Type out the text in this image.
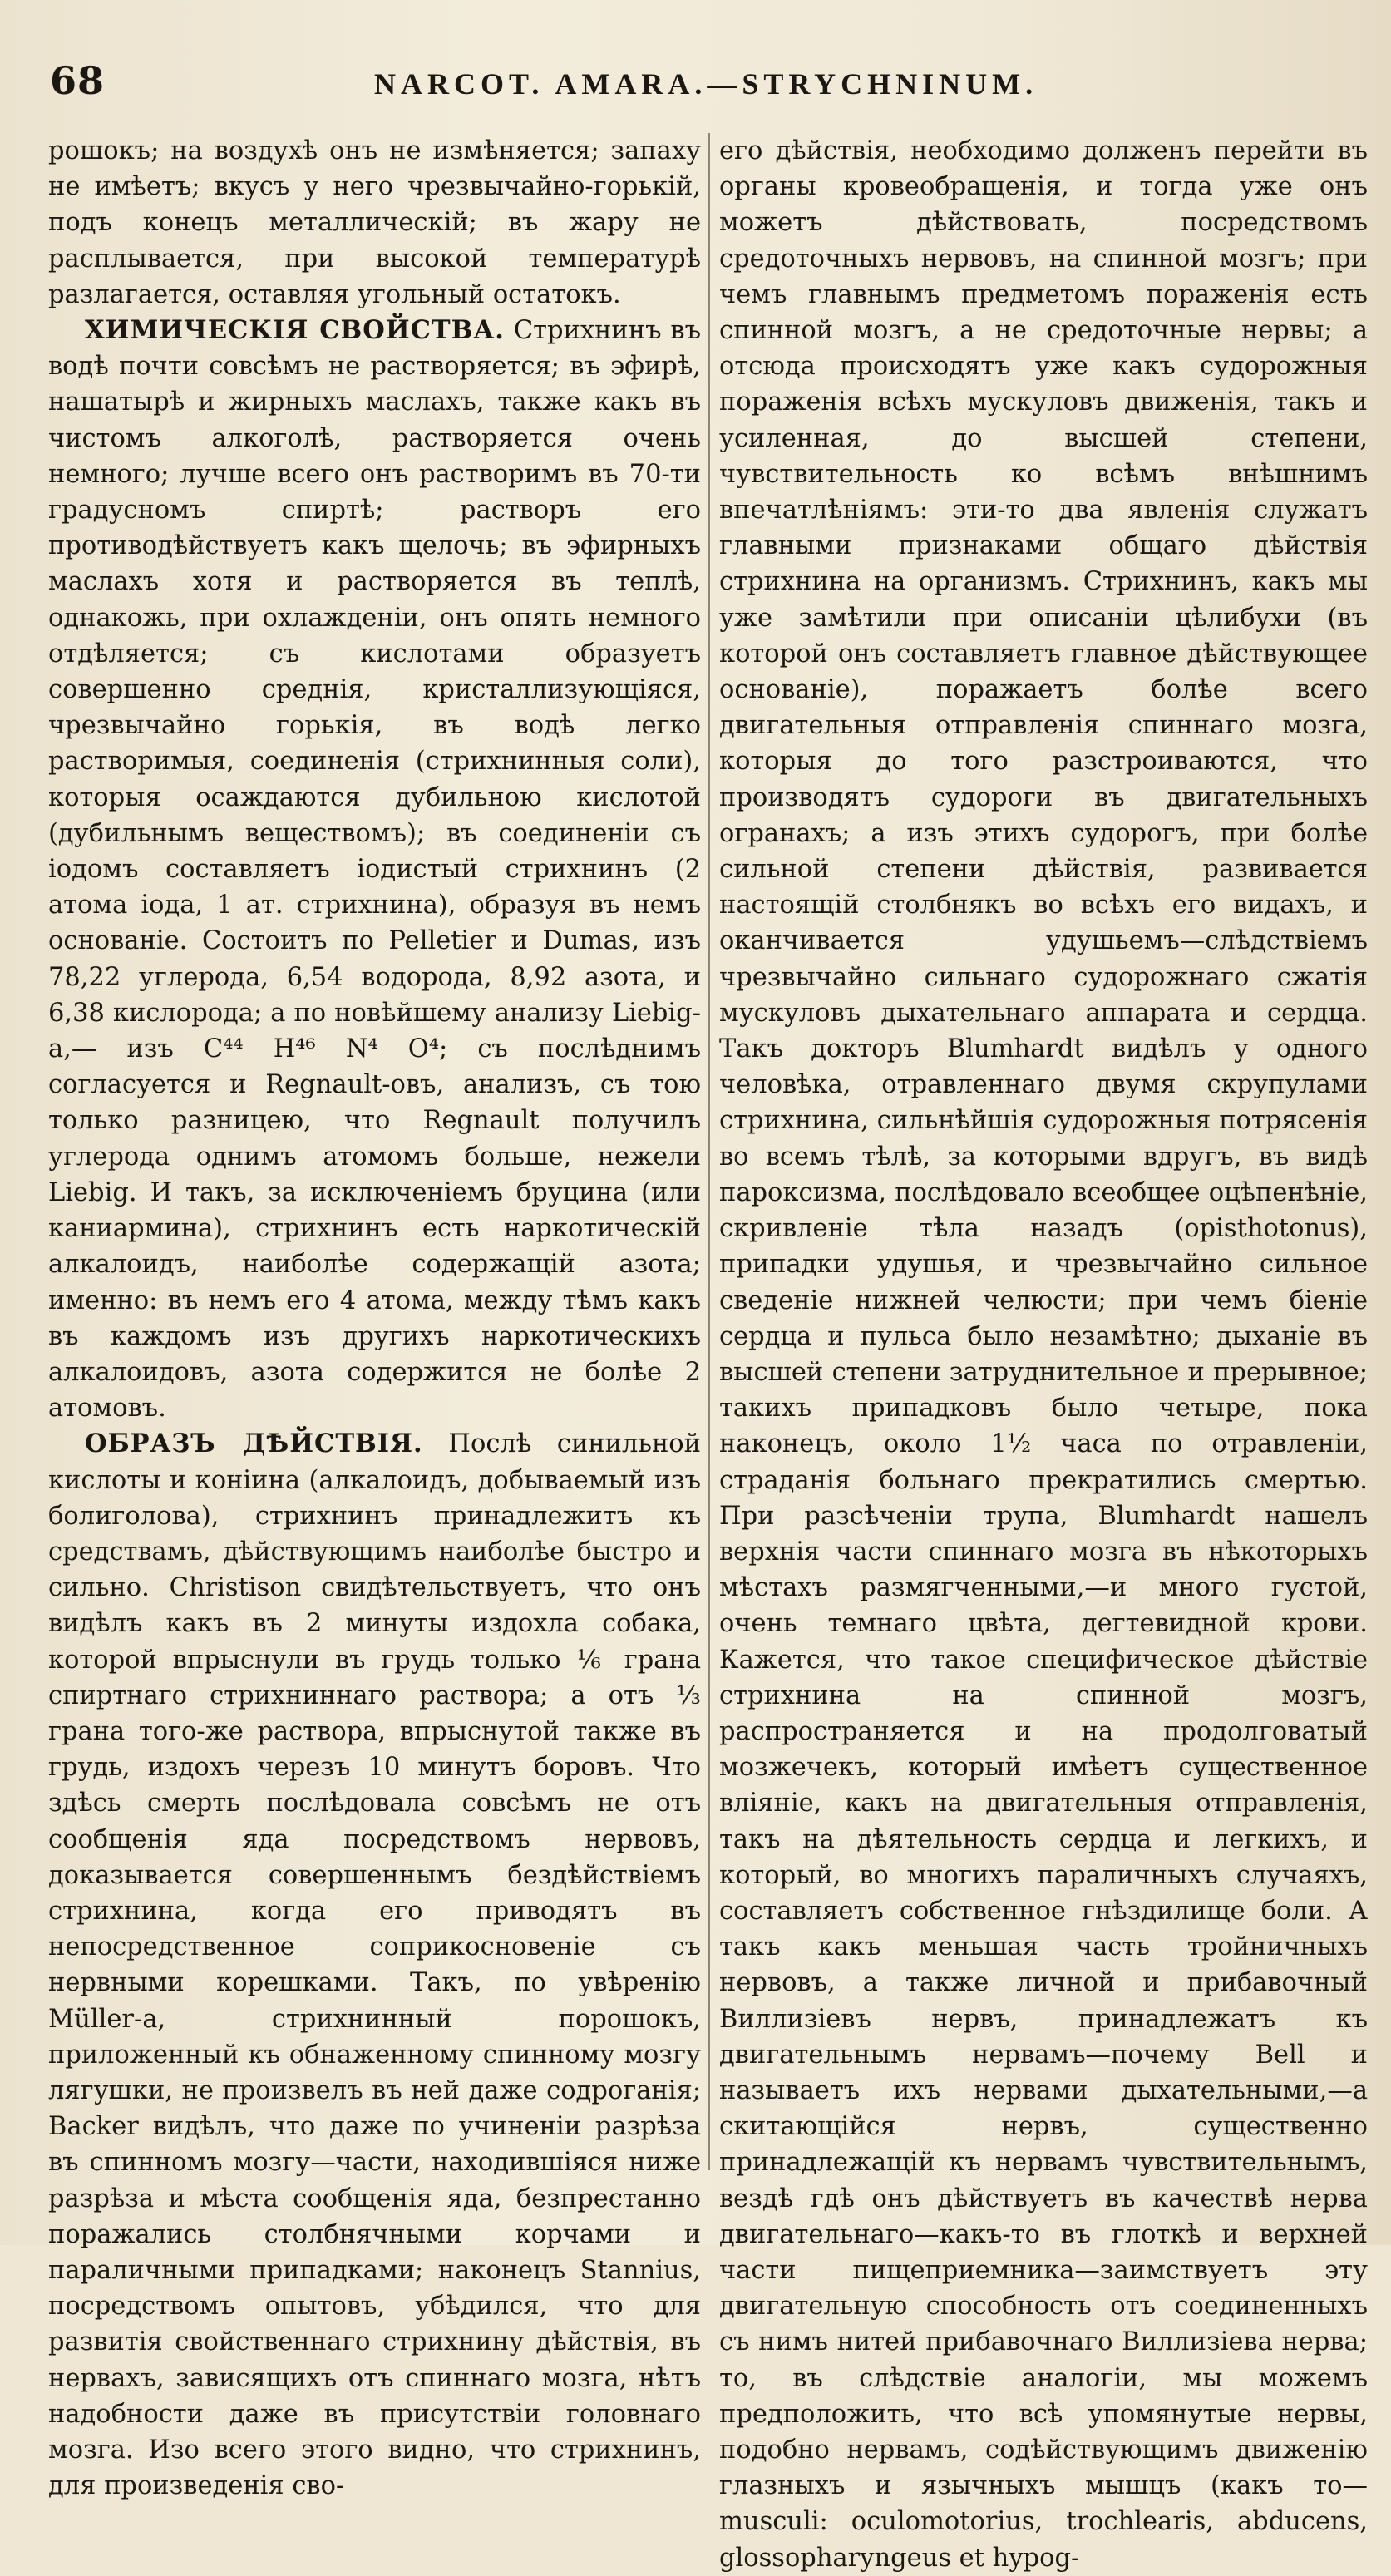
68	NARCOT. AMARA.—STRYCHNINUM.

рошокъ; на воздухѣ онъ не измѣняется; запаху не имѣетъ; вкусъ у него чрезвычайно-горькій, подъ конецъ металлическій; въ жару не расплывается, при высокой температурѣ разлагается, оставляя угольный остатокъ.

ХИМИЧЕСКІЯ СВОЙСТВА. Стрихнинъ въ водѣ почти совсѣмъ не растворяется; въ эфирѣ, нашатырѣ и жирныхъ маслахъ, также какъ въ чистомъ алкоголѣ, растворяется очень немного; лучше всего онъ растворимъ въ 70-ти градусномъ спиртѣ; растворъ его противодѣйствуетъ какъ щелочь; въ эфирныхъ маслахъ хотя и растворяется въ теплѣ, однакожь, при охлажденіи, онъ опять немного отдѣляется; съ кислотами образуетъ совершенно среднія, кристаллизующіяся, чрезвычайно горькія, въ водѣ легко растворимыя, соединенія (стрихнинныя соли), которыя осаждаются дубильною кислотой (дубильнымъ веществомъ); въ соединеніи съ іодомъ составляетъ іодистый стрихнинъ (2 атома іода, 1 ат. стрихнина), образуя въ немъ основаніе. Состоитъ по Pelletier и Dumas, изъ 78,22 углерода, 6,54 водорода, 8,92 азота, и 6,38 кислорода; а по новѣйшему анализу Liebig-а,— изъ C⁴⁴ H⁴⁶ N⁴ O⁴; съ послѣднимъ согласуется и Regnault-овъ, анализъ, съ тою только разницею, что Regnault получилъ углерода однимъ атомомъ больше, нежели Liebig. И такъ, за исключеніемъ бруцина (или каниармина), стрихнинъ есть наркотическій алкалоидъ, наиболѣе содержащій азота; именно: въ немъ его 4 атома, между тѣмъ какъ въ каждомъ изъ другихъ наркотическихъ алкалоидовъ, азота содержится не болѣе 2 атомовъ.

ОБРАЗЪ ДѢЙСТВІЯ. Послѣ синильной кислоты и коніина (алкалоидъ, добываемый изъ болиголова), стрихнинъ принадлежитъ къ средствамъ, дѣйствующимъ наиболѣе быстро и сильно. Christison свидѣтельствуетъ, что онъ видѣлъ какъ въ 2 минуты издохла собака, которой впрыснули въ грудь только ⅙ грана спиртнаго стрихниннаго раствора; а отъ ⅓ грана того-же раствора, впрыснутой также въ грудь, издохъ черезъ 10 минутъ боровъ. Что здѣсь смерть послѣдовала совсѣмъ не отъ сообщенія яда посредствомъ нервовъ, доказывается совершеннымъ бездѣйствіемъ стрихнина, когда его приводятъ въ непосредственное соприкосновеніе съ нервными корешками. Такъ, по увѣренію Müller-а, стрихнинный порошокъ, приложенный къ обнаженному спинному мозгу лягушки, не произвелъ въ ней даже содроганія; Backer видѣлъ, что даже по учиненіи разрѣза въ спинномъ мозгу—части, находившіяся ниже разрѣза и мѣста сообщенія яда, безпрестанно поражались столбнячными корчами и параличными припадками; наконецъ Stannius, посредствомъ опытовъ, убѣдился, что для развитія свойственнаго стрихнину дѣйствія, въ нервахъ, зависящихъ отъ спиннаго мозга, нѣтъ надобности даже въ присутствіи головнаго мозга. Изо всего этого видно, что стрихнинъ, для произведенія сво-

его дѣйствія, необходимо долженъ перейти въ органы кровеобращенія, и тогда уже онъ можетъ дѣйствовать, посредствомъ средоточныхъ нервовъ, на спинной мозгъ; при чемъ главнымъ предметомъ пораженія есть спинной мозгъ, а не средоточные нервы; а отсюда происходятъ уже какъ судорожныя пораженія всѣхъ мускуловъ движенія, такъ и усиленная, до высшей степени, чувствительность ко всѣмъ внѣшнимъ впечатлѣніямъ: эти-то два явленія служатъ главными признаками общаго дѣйствія стрихнина на организмъ. Стрихнинъ, какъ мы уже замѣтили при описаніи цѣлибухи (въ которой онъ составляетъ главное дѣйствующее основаніе), поражаетъ болѣе всего двигательныя отправленія спиннаго мозга, которыя до того разстроиваются, что производятъ судороги въ двигательныхъ огранахъ; а изъ этихъ судорогъ, при болѣе сильной степени дѣйствія, развивается настоящій столбнякъ во всѣхъ его видахъ, и оканчивается удушьемъ—слѣдствіемъ чрезвычайно сильнаго судорожнаго сжатія мускуловъ дыхательнаго аппарата и сердца. Такъ докторъ Blumhardt видѣлъ у одного человѣка, отравленнаго двумя скрупулами стрихнина, сильнѣйшія судорожныя потрясенія во всемъ тѣлѣ, за которыми вдругъ, въ видѣ пароксизма, послѣдовало всеобщее оцѣпенѣніе, скривленіе тѣла назадъ (opisthotonus), припадки удушья, и чрезвычайно сильное сведеніе нижней челюсти; при чемъ біеніе сердца и пульса было незамѣтно; дыханіе въ высшей степени затруднительное и прерывное; такихъ припадковъ было четыре, пока наконецъ, около 1½ часа по отравленіи, страданія больнаго прекратились смертью. При разсѣченіи трупа, Blumhardt нашелъ верхнія части спиннаго мозга въ нѣкоторыхъ мѣстахъ размягченными,—и много густой, очень темнаго цвѣта, дегтевидной крови. Кажется, что такое специфическое дѣйствіе стрихнина на спинной мозгъ, распространяется и на продолговатый мозжечекъ, который имѣетъ существенное вліяніе, какъ на двигательныя отправленія, такъ на дѣятельность сердца и легкихъ, и который, во многихъ параличныхъ случаяхъ, составляетъ собственное гнѣздилище боли. А такъ какъ меньшая часть тройничныхъ нервовъ, а также личной и прибавочный Виллизіевъ нервъ, принадлежатъ къ двигательнымъ нервамъ—почему Bell и называетъ ихъ нервами дыхательными,—а скитающійся нервъ, существенно принадлежащій къ нервамъ чувствительнымъ, вездѣ гдѣ онъ дѣйствуетъ въ качествѣ нерва двигательнаго—какъ-то въ глоткѣ и верхней части пищеприемника—заимствуетъ эту двигательную способность отъ соединенныхъ съ нимъ нитей прибавочнаго Виллизіева нерва; то, въ слѣдствіе аналогіи, мы можемъ предположить, что всѣ упомянутые нервы, подобно нервамъ, содѣйствующимъ движенію глазныхъ и язычныхъ мышцъ (какъ то—musculi: oculomotorius, trochlearis, abducens, glossopharyngeus et hypog-
